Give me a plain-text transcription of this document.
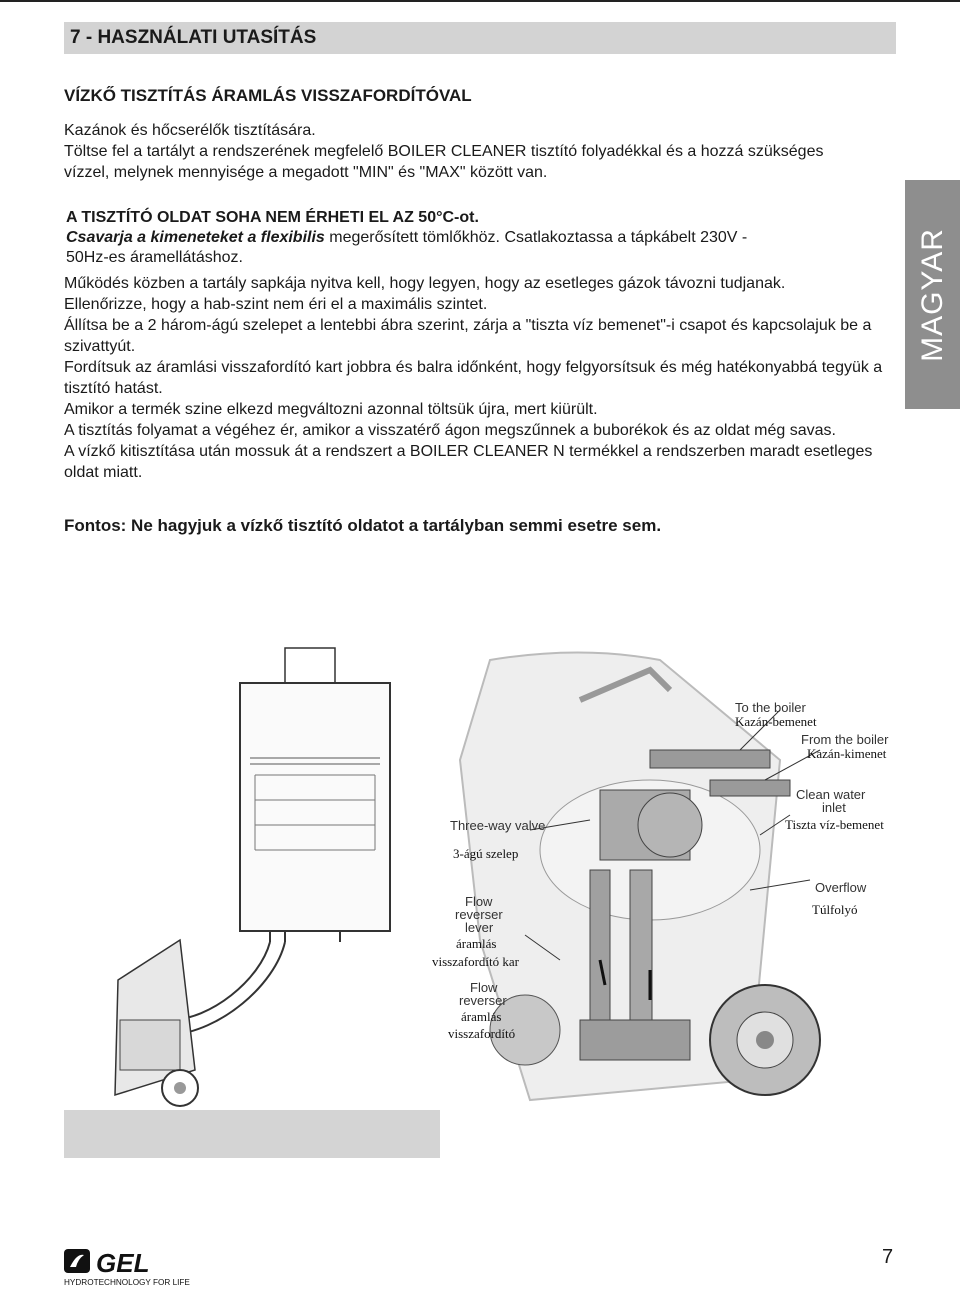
7 - HASZNÁLATI UTASÍTÁS
VÍZKŐ TISZTÍTÁS ÁRAMLÁS VISSZAFORDÍTÓVAL
Kazánok és hőcserélők tisztítására.
Töltse fel a tartályt a rendszerének megfelelő BOILER CLEANER tisztító folyadékkal és a hozzá szükséges vízzel, melynek mennyisége a megadott "MIN" és "MAX" között van.
A TISZTÍTÓ OLDAT SOHA NEM ÉRHETI EL AZ 50°C-ot.
Csavarja a kimeneteket a flexibilis megerősített tömlőkhöz. Csatlakoztassa a tápkábelt 230V - 50Hz-es áramellátáshoz.

Működés közben a tartály sapkája nyitva kell, hogy legyen, hogy az esetleges gázok távozni tudjanak.

Ellenőrizze, hogy a hab-szint nem éri el a maximális szintet.

Állítsa be a 2 három-ágú szelepet a lentebbi ábra szerint, zárja a "tiszta víz bemenet"-i csapot és kapcsolajuk be a szivattyút.

Fordítsuk az áramlási visszafordító kart jobbra és balra időnként, hogy felgyorsítsuk és még hatékonyabbá tegyük a tisztító hatást.

Amikor a termék szine elkezd megváltozni azonnal töltsük újra, mert kiürült.

A tisztítás folyamat a végéhez ér, amikor a visszatérő ágon megszűnnek a buborékok és az oldat még savas.

A vízkő kitisztítása után mossuk át a rendszert a BOILER CLEANER N termékkel a rendszerben maradt esetleges oldat miatt.

Fontos: Ne hagyjuk a vízkő tisztító oldatot a tartályban semmi esetre sem.
MAGYAR
To the boiler
Kazán-bemenet
From the boiler
Kazán-kimenet
Clean water
inlet
Tiszta víz-bemenet
Three-way valve
3-ágú szelep
Overflow
Túlfolyó
Flow
reverser
lever
áramlás
visszafordító kar
Flow
reverser
áramlás
visszafordító
GEL
HYDROTECHNOLOGY FOR LIFE
7
